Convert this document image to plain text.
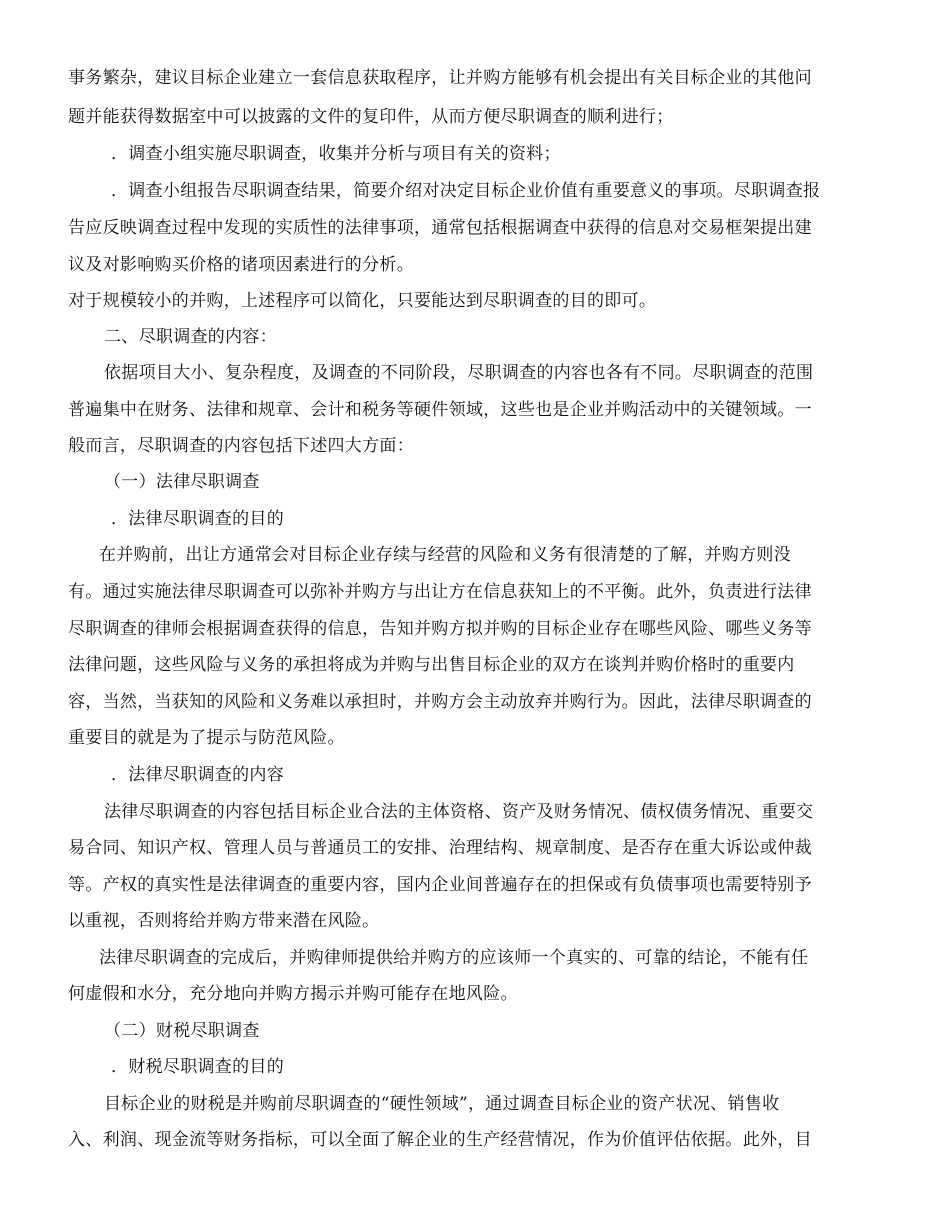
事务繁杂，建议目标企业建立一套信息获取程序，让并购方能够有机会提出有关目标企业的其他问
题并能获得数据室中可以披露的文件的复印件，从而方便尽职调查的顺利进行；
．调查小组实施尽职调查，收集并分析与项目有关的资料；
．调查小组报告尽职调查结果，简要介绍对决定目标企业价值有重要意义的事项。尽职调查报
告应反映调查过程中发现的实质性的法律事项，通常包括根据调查中获得的信息对交易框架提出建
议及对影响购买价格的诸项因素进行的分析。
对于规模较小的并购，上述程序可以简化，只要能达到尽职调查的目的即可。
二、尽职调查的内容：
依据项目大小、复杂程度，及调查的不同阶段，尽职调查的内容也各有不同。尽职调查的范围
普遍集中在财务、法律和规章、会计和税务等硬件领域，这些也是企业并购活动中的关键领域。一
般而言，尽职调查的内容包括下述四大方面：
（一）法律尽职调查
．法律尽职调查的目的
在并购前，出让方通常会对目标企业存续与经营的风险和义务有很清楚的了解，并购方则没
有。通过实施法律尽职调查可以弥补并购方与出让方在信息获知上的不平衡。此外，负责进行法律
尽职调查的律师会根据调查获得的信息，告知并购方拟并购的目标企业存在哪些风险、哪些义务等
法律问题，这些风险与义务的承担将成为并购与出售目标企业的双方在谈判并购价格时的重要内
容，当然，当获知的风险和义务难以承担时，并购方会主动放弃并购行为。因此，法律尽职调查的
重要目的就是为了提示与防范风险。
．法律尽职调查的内容
法律尽职调查的内容包括目标企业合法的主体资格、资产及财务情况、债权债务情况、重要交
易合同、知识产权、管理人员与普通员工的安排、治理结构、规章制度、是否存在重大诉讼或仲裁
等。产权的真实性是法律调查的重要内容，国内企业间普遍存在的担保或有负债事项也需要特别予
以重视，否则将给并购方带来潜在风险。
法律尽职调查的完成后，并购律师提供给并购方的应该师一个真实的、可靠的结论，不能有任
何虚假和水分，充分地向并购方揭示并购可能存在地风险。
（二）财税尽职调查
．财税尽职调查的目的
目标企业的财税是并购前尽职调查的“硬性领域”，通过调查目标企业的资产状况、销售收
入、利润、现金流等财务指标，可以全面了解企业的生产经营情况，作为价值评估依据。此外，目
